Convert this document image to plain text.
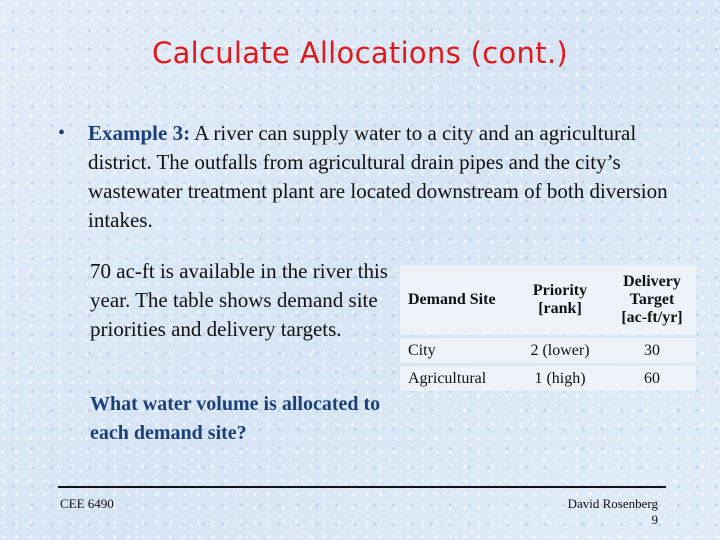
Calculate Allocations (cont.)
• Example 3: A river can supply water to a city and an agricultural district. The outfalls from agricultural drain pipes and the city’s wastewater treatment plant are located downstream of both diversion intakes.
70 ac-ft is available in the river this year. The table shows demand site priorities and delivery targets.
What water volume is allocated to each demand site?
Demand Site	Priority [rank]	Delivery Target [ac-ft/yr]
City	2 (lower)	30
Agricultural	1 (high)	60
CEE 6490	David Rosenberg
9
